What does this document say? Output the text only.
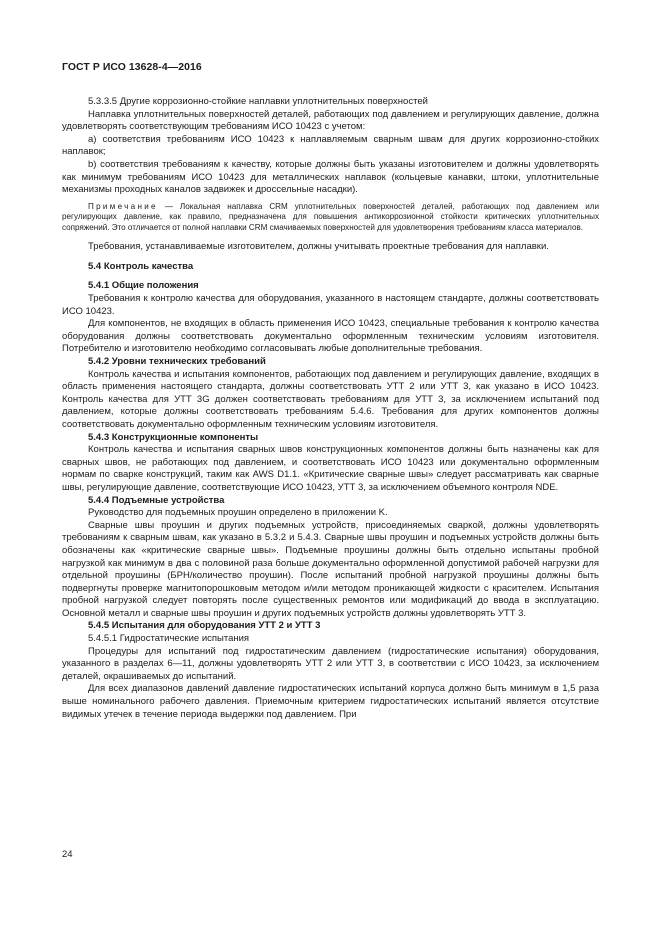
ГОСТ Р ИСО 13628-4—2016

5.3.3.5 Другие коррозионно-стойкие наплавки уплотнительных поверхностей

Наплавка уплотнительных поверхностей деталей, работающих под давлением и регулирующих давление, должна удовлетворять соответствующим требованиям ИСО 10423 с учетом:

a) соответствия требованиям ИСО 10423 к наплавляемым сварным швам для других коррозионно-стойких наплавок;

b) соответствия требованиям к качеству, которые должны быть указаны изготовителем и должны удовлетворять как минимум требованиям ИСО 10423 для металлических наплавок (кольцевые канавки, штоки, уплотнительные механизмы проходных каналов задвижек и дроссельные насадки).

Примечание — Локальная наплавка CRM уплотнительных поверхностей деталей, работающих под давлением или регулирующих давление, как правило, предназначена для повышения антикоррозионной стойкости критических уплотнительных сопряжений. Это отличается от полной наплавки CRM смачиваемых поверхностей для удовлетворения требованиям класса материалов.

Требования, устанавливаемые изготовителем, должны учитывать проектные требования для наплавки.

5.4 Контроль качества

5.4.1 Общие положения

Требования к контролю качества для оборудования, указанного в настоящем стандарте, должны соответствовать ИСО 10423.

Для компонентов, не входящих в область применения ИСО 10423, специальные требования к контролю качества оборудования должны соответствовать документально оформленным техническим условиям изготовителя. Потребителю и изготовителю необходимо согласовывать любые дополнительные требования.

5.4.2 Уровни технических требований

Контроль качества и испытания компонентов, работающих под давлением и регулирующих давление, входящих в область применения настоящего стандарта, должны соответствовать УТТ 2 или УТТ 3, как указано в ИСО 10423. Контроль качества для УТТ 3G должен соответствовать требованиям для УТТ 3, за исключением испытаний под давлением, которые должны соответствовать требованиям 5.4.6. Требования для других компонентов должны соответствовать документально оформленным техническим условиям изготовителя.

5.4.3 Конструкционные компоненты

Контроль качества и испытания сварных швов конструкционных компонентов должны быть назначены как для сварных швов, не работающих под давлением, и соответствовать ИСО 10423 или документально оформленным нормам по сварке конструкций, таким как AWS D1.1. «Критические сварные швы» следует рассматривать как сварные швы, регулирующие давление, соответствующие ИСО 10423, УТТ 3, за исключением объемного контроля NDE.

5.4.4 Подъемные устройства

Руководство для подъемных проушин определено в приложении K.

Сварные швы проушин и других подъемных устройств, присоединяемых сваркой, должны удовлетворять требованиям к сварным швам, как указано в 5.3.2 и 5.4.3. Сварные швы проушин и подъемных устройств должны быть обозначены как «критические сварные швы». Подъемные проушины должны быть отдельно испытаны пробной нагрузкой как минимум в два с половиной раза больше документально оформленной допустимой рабочей нагрузки для отдельной проушины (БРН/количество проушин). После испытаний пробной нагрузкой проушины должны быть подвергнуты проверке магнитопорошковым методом и/или методом проникающей жидкости с красителем. Испытания пробной нагрузкой следует повторять после существенных ремонтов или модификаций до ввода в эксплуатацию. Основной металл и сварные швы проушин и других подъемных устройств должны удовлетворять УТТ 3.

5.4.5 Испытания для оборудования УТТ 2 и УТТ 3

5.4.5.1 Гидростатические испытания

Процедуры для испытаний под гидростатическим давлением (гидростатические испытания) оборудования, указанного в разделах 6—11, должны удовлетворять УТТ 2 или УТТ 3, в соответствии с ИСО 10423, за исключением деталей, окрашиваемых до испытаний.

Для всех диапазонов давлений давление гидростатических испытаний корпуса должно быть минимум в 1,5 раза выше номинального рабочего давления. Приемочным критерием гидростатических испытаний является отсутствие видимых утечек в течение периода выдержки под давлением. При

24
